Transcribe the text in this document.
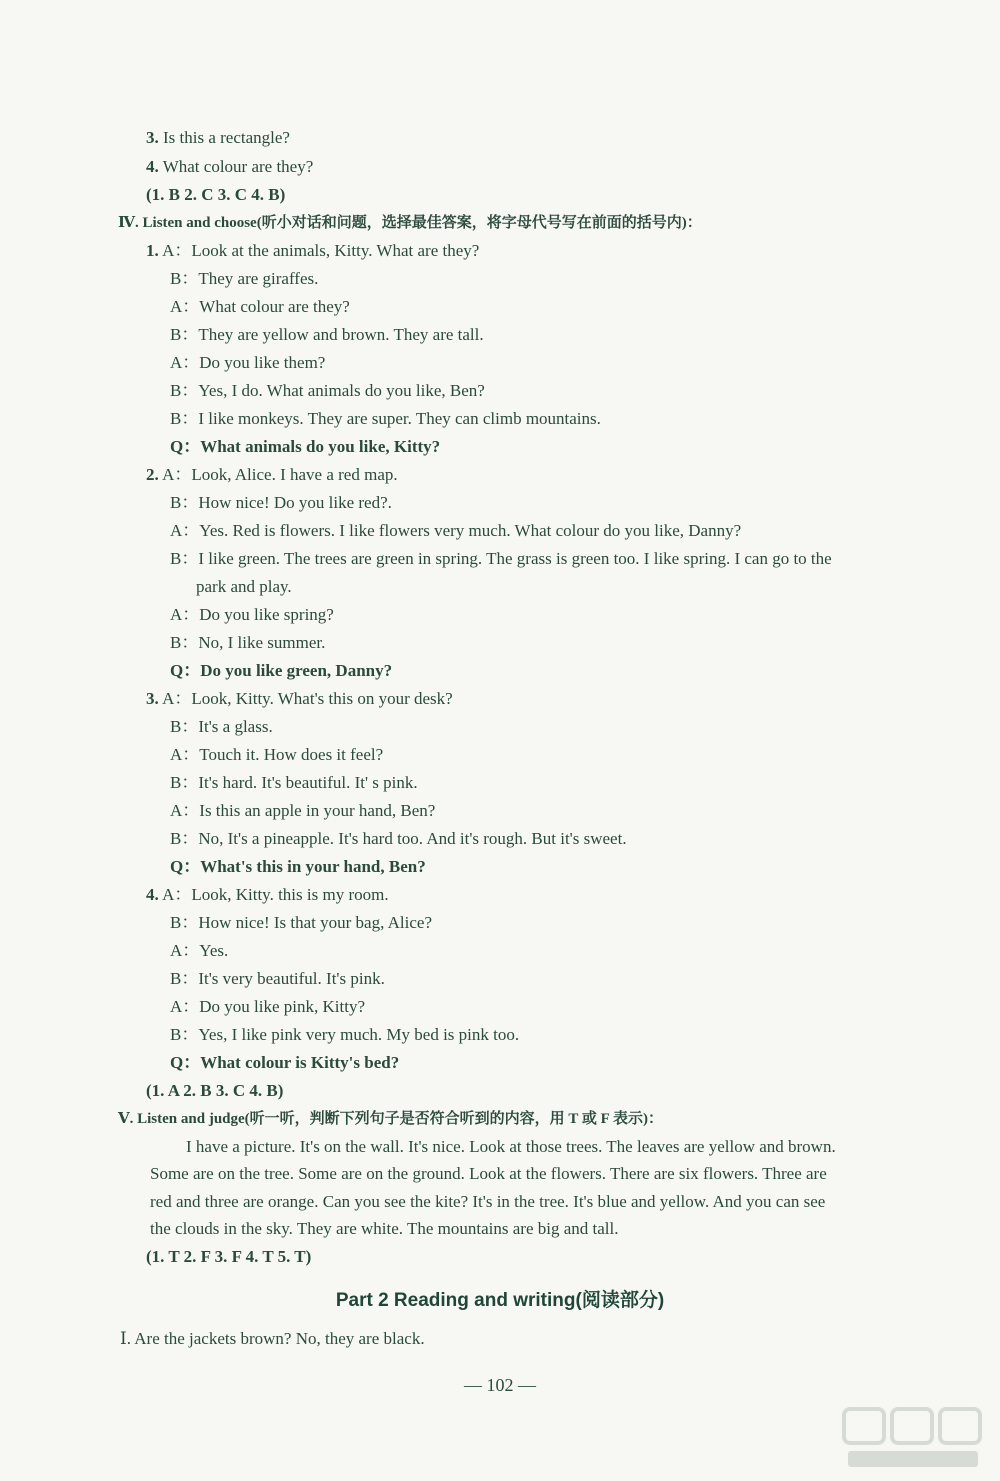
3. Is this a rectangle?
4. What colour are they?
(1. B 2. C 3. C 4. B)
Ⅳ. Listen and choose(听小对话和问题，选择最佳答案，将字母代号写在前面的括号内)：
1. A：Look at the animals, Kitty. What are they?
B：They are giraffes.
A：What colour are they?
B：They are yellow and brown. They are tall.
A：Do you like them?
B：Yes, I do. What animals do you like, Ben?
B：I like monkeys. They are super. They can climb mountains.
Q：What animals do you like, Kitty?
2. A：Look, Alice. I have a red map.
B：How nice! Do you like red?.
A：Yes. Red is flowers. I like flowers very much. What colour do you like, Danny?
B：I like green. The trees are green in spring. The grass is green too. I like spring. I can go to the
park and play.
A：Do you like spring?
B：No, I like summer.
Q：Do you like green, Danny?
3. A：Look, Kitty. What's this on your desk?
B：It's a glass.
A：Touch it. How does it feel?
B：It's hard. It's beautiful. It' s pink.
A：Is this an apple in your hand, Ben?
B：No, It's a pineapple. It's hard too. And it's rough. But it's sweet.
Q：What's this in your hand, Ben?
4. A：Look, Kitty. this is my room.
B：How nice! Is that your bag, Alice?
A：Yes.
B：It's very beautiful. It's pink.
A：Do you like pink, Kitty?
B：Yes, I like pink very much. My bed is pink too.
Q：What colour is Kitty's bed?
(1. A 2. B 3. C 4. B)
Ⅴ. Listen and judge(听一听，判断下列句子是否符合听到的内容，用 T 或 F 表示)：
I have a picture. It's on the wall. It's nice. Look at those trees. The leaves are yellow and brown.
Some are on the tree. Some are on the ground. Look at the flowers. There are six flowers. Three are
red and three are orange. Can you see the kite? It's in the tree. It's blue and yellow. And you can see
the clouds in the sky. They are white. The mountains are big and tall.
(1. T 2. F 3. F 4. T 5. T)
Part 2 Reading and writing(阅读部分)
Ⅰ. Are the jackets brown? No, they are black.
— 102 —
